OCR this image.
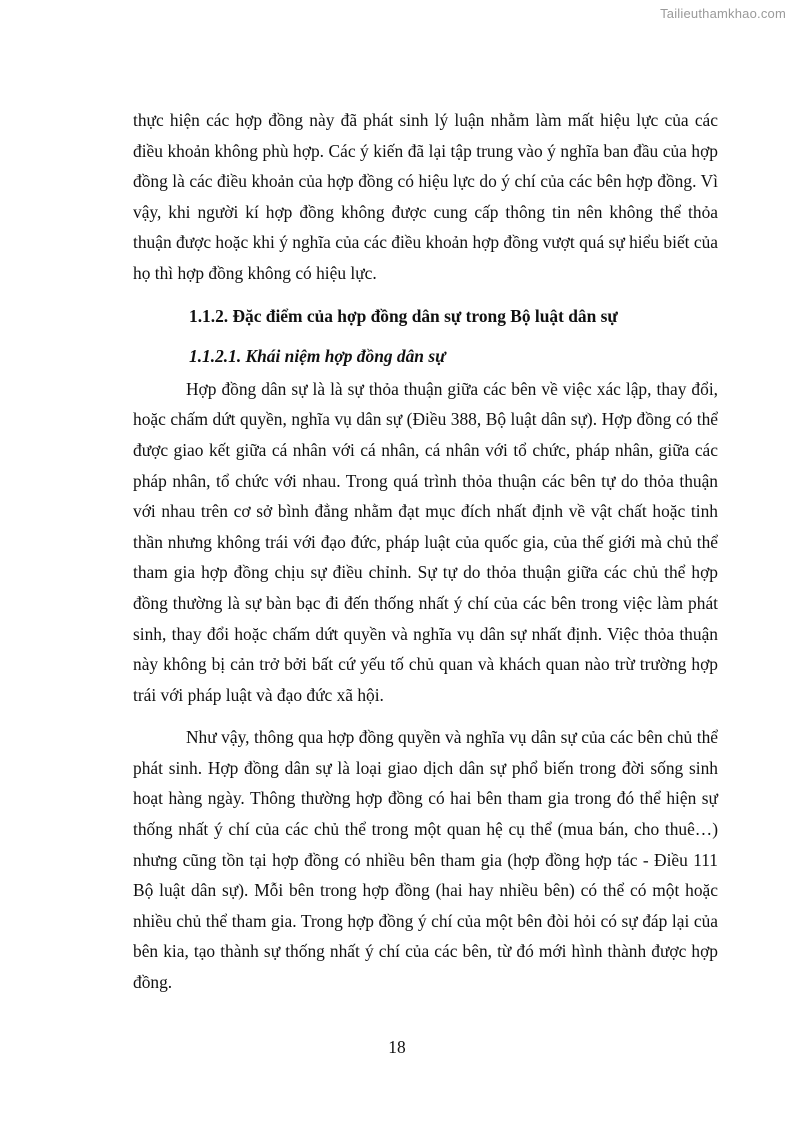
Tailieuthamkhao.com

thực hiện các hợp đồng này đã phát sinh lý luận nhằm làm mất hiệu lực của các điều khoản không phù hợp. Các ý kiến đã lại tập trung vào ý nghĩa ban đầu của hợp đồng là các điều khoản của hợp đồng có hiệu lực do ý chí của các bên hợp đồng. Vì vậy, khi người kí hợp đồng không được cung cấp thông tin nên không thể thỏa thuận được hoặc khi ý nghĩa của các điều khoản hợp đồng vượt quá sự hiểu biết của họ thì hợp đồng không có hiệu lực.

1.1.2. Đặc điểm của hợp đồng dân sự trong Bộ luật dân sự

1.1.2.1. Khái niệm hợp đồng dân sự

Hợp đồng dân sự là là sự thỏa thuận giữa các bên về việc xác lập, thay đổi, hoặc chấm dứt quyền, nghĩa vụ dân sự (Điều 388, Bộ luật dân sự). Hợp đồng có thể được giao kết giữa cá nhân với cá nhân, cá nhân với tổ chức, pháp nhân, giữa các pháp nhân, tổ chức với nhau. Trong quá trình thỏa thuận các bên tự do thỏa thuận với nhau trên cơ sở bình đẳng nhằm đạt mục đích nhất định về vật chất hoặc tinh thần nhưng không trái với đạo đức, pháp luật của quốc gia, của thế giới mà chủ thể tham gia hợp đồng chịu sự điều chỉnh. Sự tự do thỏa thuận giữa các chủ thể hợp đồng thường là sự bàn bạc đi đến thống nhất ý chí của các bên trong việc làm phát sinh, thay đổi hoặc chấm dứt quyền và nghĩa vụ dân sự nhất định. Việc thỏa thuận này không bị cản trở bởi bất cứ yếu tố chủ quan và khách quan nào trừ trường hợp trái với pháp luật và đạo đức xã hội.

Như vậy, thông qua hợp đồng quyền và nghĩa vụ dân sự của các bên chủ thể phát sinh. Hợp đồng dân sự là loại giao dịch dân sự phổ biến trong đời sống sinh hoạt hàng ngày. Thông thường hợp đồng có hai bên tham gia trong đó thể hiện sự thống nhất ý chí của các chủ thể trong một quan hệ cụ thể (mua bán, cho thuê…) nhưng cũng tồn tại hợp đồng có nhiều bên tham gia (hợp đồng hợp tác - Điều 111 Bộ luật dân sự). Mỗi bên trong hợp đồng (hai hay nhiều bên) có thể có một hoặc nhiều chủ thể tham gia. Trong hợp đồng ý chí của một bên đòi hỏi có sự đáp lại của bên kia, tạo thành sự thống nhất ý chí của các bên, từ đó mới hình thành được hợp đồng.

18
